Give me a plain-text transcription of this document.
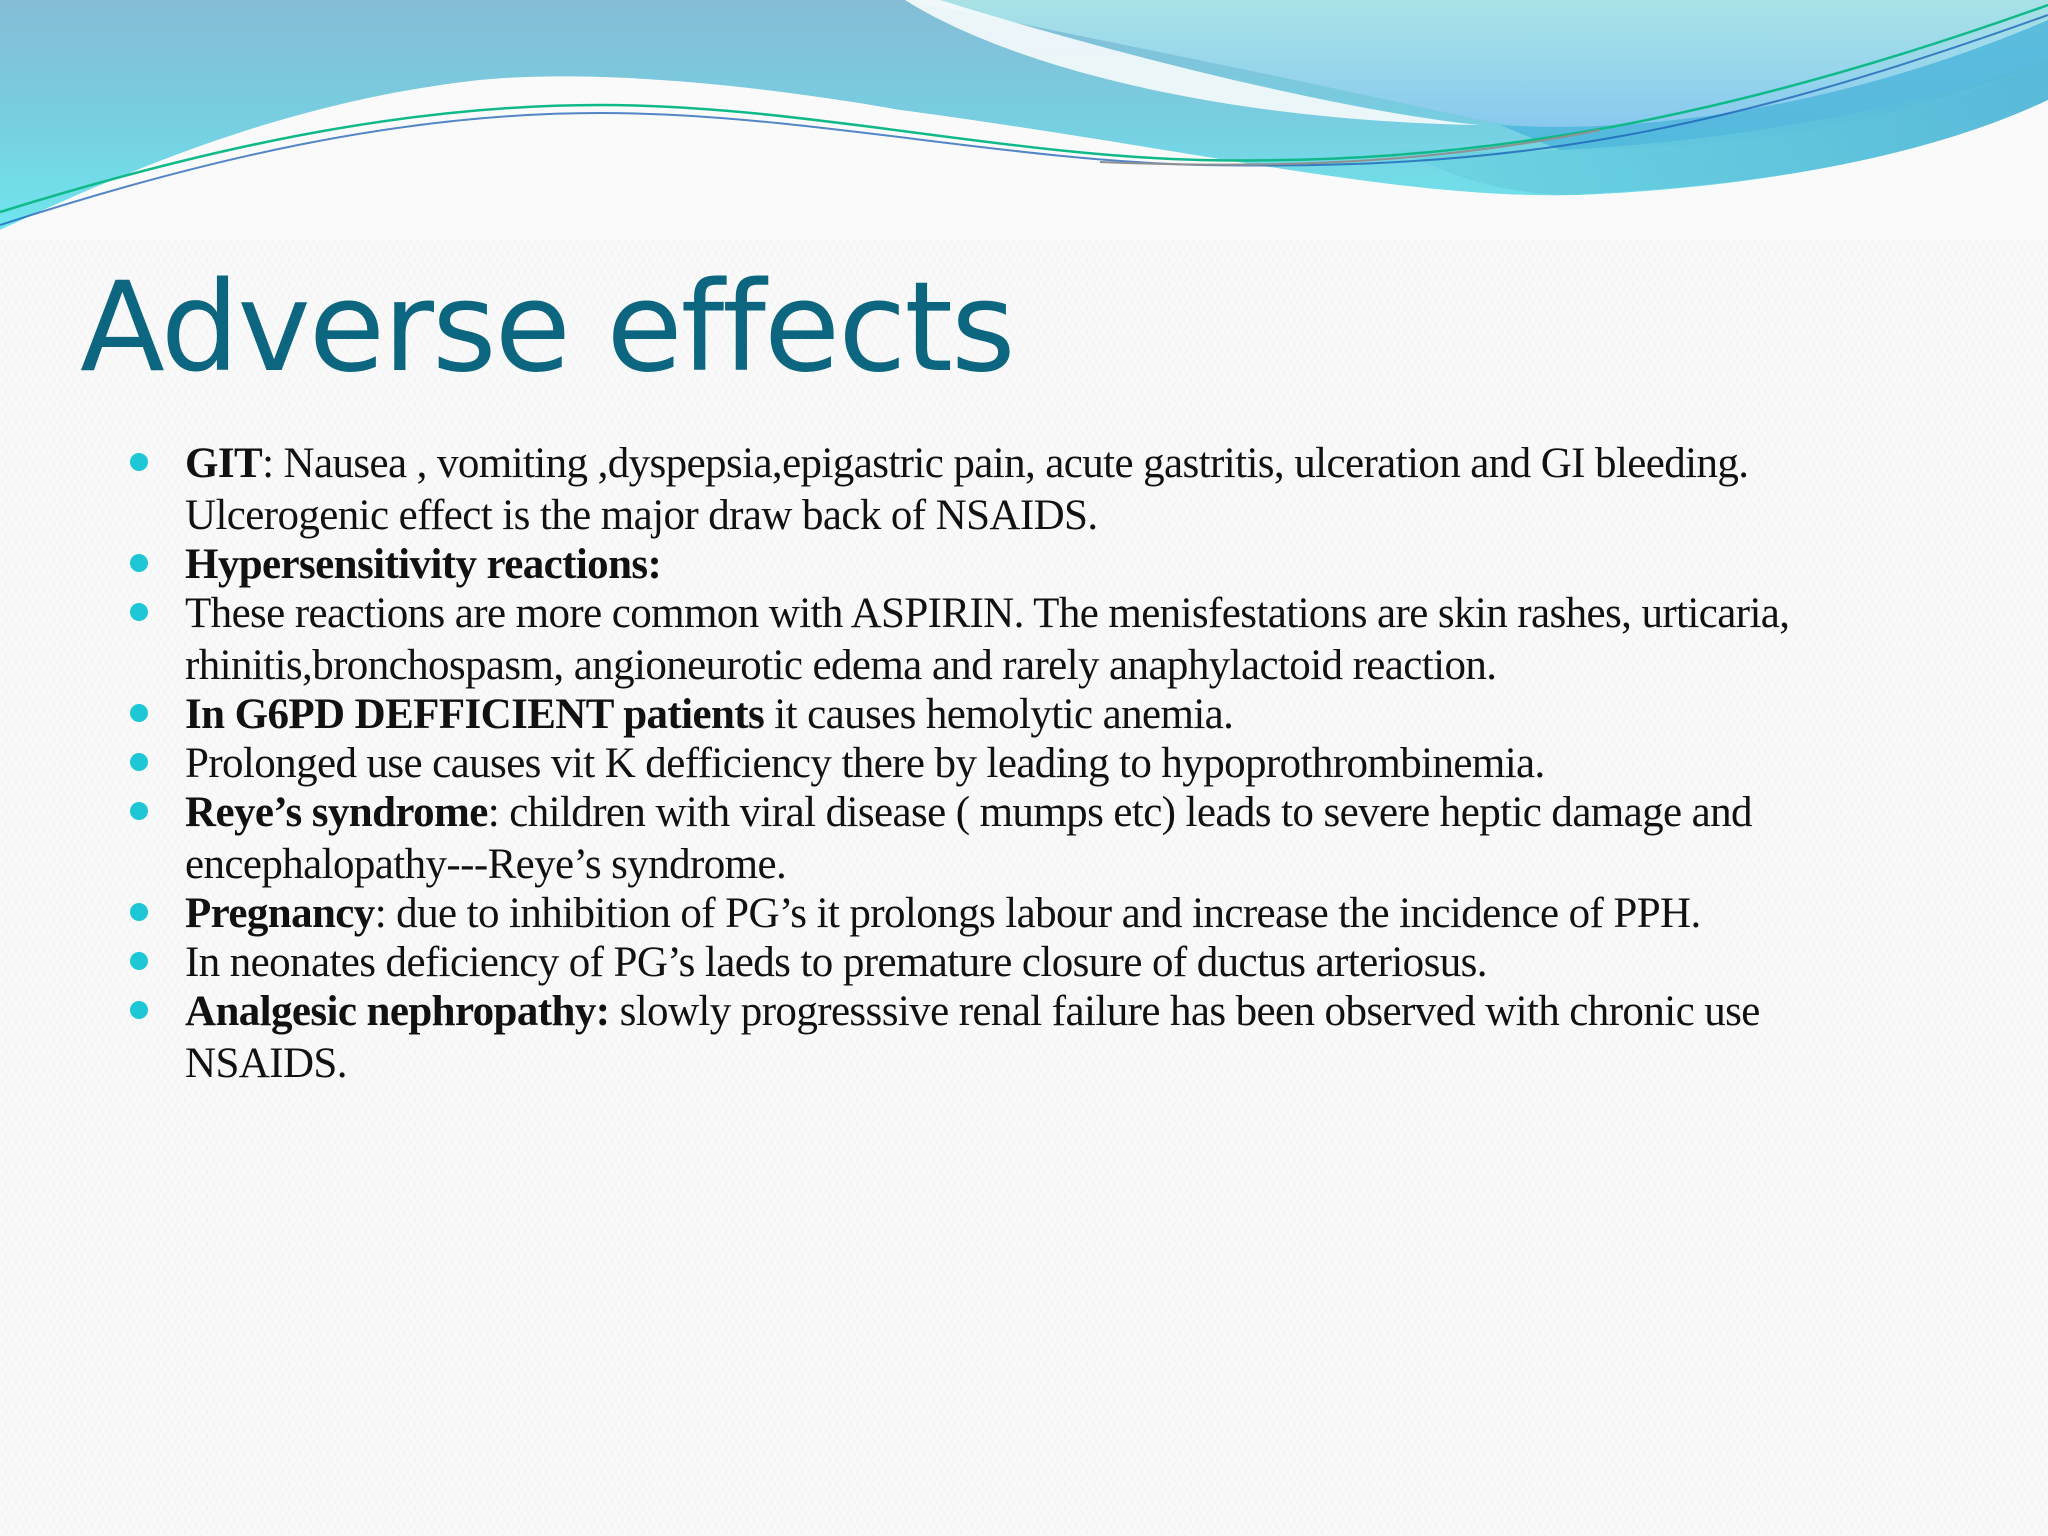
Adverse effects
GIT: Nausea , vomiting ,dyspepsia,epigastric pain, acute gastritis, ulceration and GI bleeding. Ulcerogenic effect is the major draw back of NSAIDS.
Hypersensitivity reactions:
These reactions are more common with ASPIRIN. The menisfestations are skin rashes, urticaria, rhinitis,bronchospasm, angioneurotic edema and rarely anaphylactoid reaction.
In G6PD DEFFICIENT patients it causes hemolytic anemia.
Prolonged use causes vit K defficiency there by leading to hypoprothrombinemia.
Reye’s syndrome: children with viral disease ( mumps etc) leads to severe heptic damage and encephalopathy---Reye’s syndrome.
Pregnancy: due to inhibition of PG’s it prolongs labour and increase the incidence of PPH.
In neonates deficiency of PG’s laeds to premature closure of ductus arteriosus.
Analgesic nephropathy: slowly progresssive renal failure has been observed with chronic use NSAIDS.
